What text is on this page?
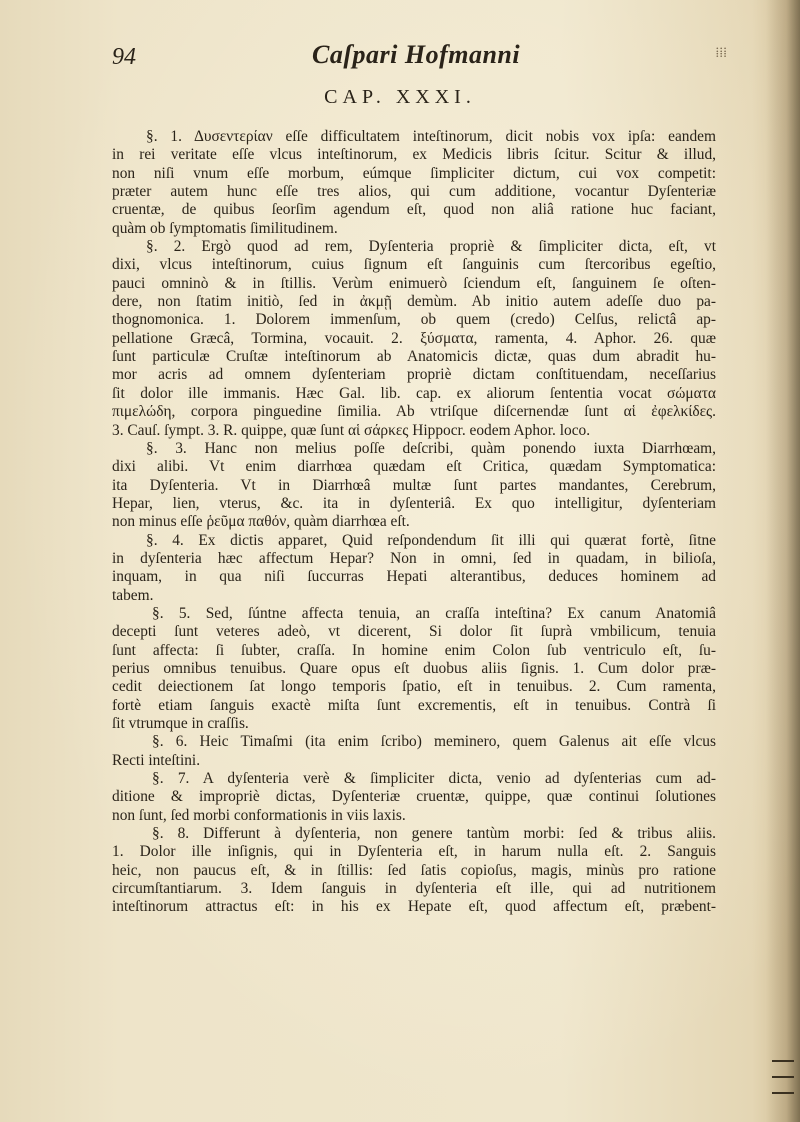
94	Caſpari Hofmanni	⁞⁞⁞
CAP. XXXI.
§. 1. Δυσεντερίαν eſſe difficultatem inteſtinorum, dicit nobis vox ipſa: eandem
in rei veritate eſſe vlcus inteſtinorum, ex Medicis libris ſcitur. Scitur & illud,
non niſi vnum eſſe morbum, eúmque ſimpliciter dictum, cui vox competit:
præter autem hunc eſſe tres alios, qui cum additione, vocantur Dyſenteriæ
cruentæ, de quibus ſeorſim agendum eſt, quod non aliâ ratione huc faciant,
quàm ob ſymptomatis ſimilitudinem.
§. 2. Ergò quod ad rem, Dyſenteria propriè & ſimpliciter dicta, eſt, vt
dixi, vlcus inteſtinorum, cuius ſignum eſt ſanguinis cum ſtercoribus egeſtio,
pauci omninò & in ſtillis. Verùm enimuerò ſciendum eſt, ſanguinem ſe oſten-
dere, non ſtatim initiò, ſed in ἀκμῇ demùm. Ab initio autem adeſſe duo pa-
thognomonica. 1. Dolorem immenſum, ob quem (credo) Celſus, relictâ ap-
pellatione Græcâ, Tormina, vocauit. 2. ξύσματα, ramenta, 4. Aphor. 26. quæ
ſunt particulæ Cruſtæ inteſtinorum ab Anatomicis dictæ, quas dum abradit hu-
mor acris ad omnem dyſenteriam propriè dictam conſtituendam, neceſſarius
ſit dolor ille immanis. Hæc Gal. lib. cap. ex aliorum ſententia vocat σώματα
πιμελώδη, corpora pinguedine ſimilia. Ab vtriſque diſcernendæ ſunt αἱ ἐφελκίδες.
3. Cauſ. ſympt. 3. R. quippe, quæ ſunt αἱ σάρκες Hippocr. eodem Aphor. loco.
§. 3. Hanc non melius poſſe deſcribi, quàm ponendo iuxta Diarrhœam,
dixi alibi. Vt enim diarrhœa quædam eſt Critica, quædam Symptomatica:
ita Dyſenteria. Vt in Diarrhœâ multæ ſunt partes mandantes, Cerebrum,
Hepar, lien, vterus, &c. ita in dyſenteriâ. Ex quo intelligitur, dyſenteriam
non minus eſſe ῥεῦμα παθόν, quàm diarrhœa eſt.
§. 4. Ex dictis apparet, Quid reſpondendum ſit illi qui quærat fortè, ſitne
in dyſenteria hæc affectum Hepar? Non in omni, ſed in quadam, in bilioſa,
inquam, in qua niſi ſuccurras Hepati alterantibus, deduces hominem ad
tabem.
§. 5. Sed, ſúntne affecta tenuia, an craſſa inteſtina? Ex canum Anatomiâ
decepti ſunt veteres adeò, vt dicerent, Si dolor ſit ſuprà vmbilicum, tenuia
ſunt affecta: ſi ſubter, craſſa. In homine enim Colon ſub ventriculo eſt, ſu-
perius omnibus tenuibus. Quare opus eſt duobus aliis ſignis. 1. Cum dolor præ-
cedit deiectionem ſat longo temporis ſpatio, eſt in tenuibus. 2. Cum ramenta,
fortè etiam ſanguis exactè miſta ſunt excrementis, eſt in tenuibus. Contrà ſi
ſit vtrumque in craſſis.
§. 6. Heic Timaſmi (ita enim ſcribo) meminero, quem Galenus ait eſſe vlcus
Recti inteſtini.
§. 7. A dyſenteria verè & ſimpliciter dicta, venio ad dyſenterias cum ad-
ditione & impropriè dictas, Dyſenteriæ cruentæ, quippe, quæ continui ſolutiones
non ſunt, ſed morbi conformationis in viis laxis.
§. 8. Differunt à dyſenteria, non genere tantùm morbi: ſed & tribus aliis.
1. Dolor ille inſignis, qui in Dyſenteria eſt, in harum nulla eſt. 2. Sanguis
heic, non paucus eſt, & in ſtillis: ſed ſatis copioſus, magis, minùs pro ratione
circumſtantiarum. 3. Idem ſanguis in dyſenteria eſt ille, qui ad nutritionem
inteſtinorum attractus eſt: in his ex Hepate eſt, quod affectum eſt, præbent-
